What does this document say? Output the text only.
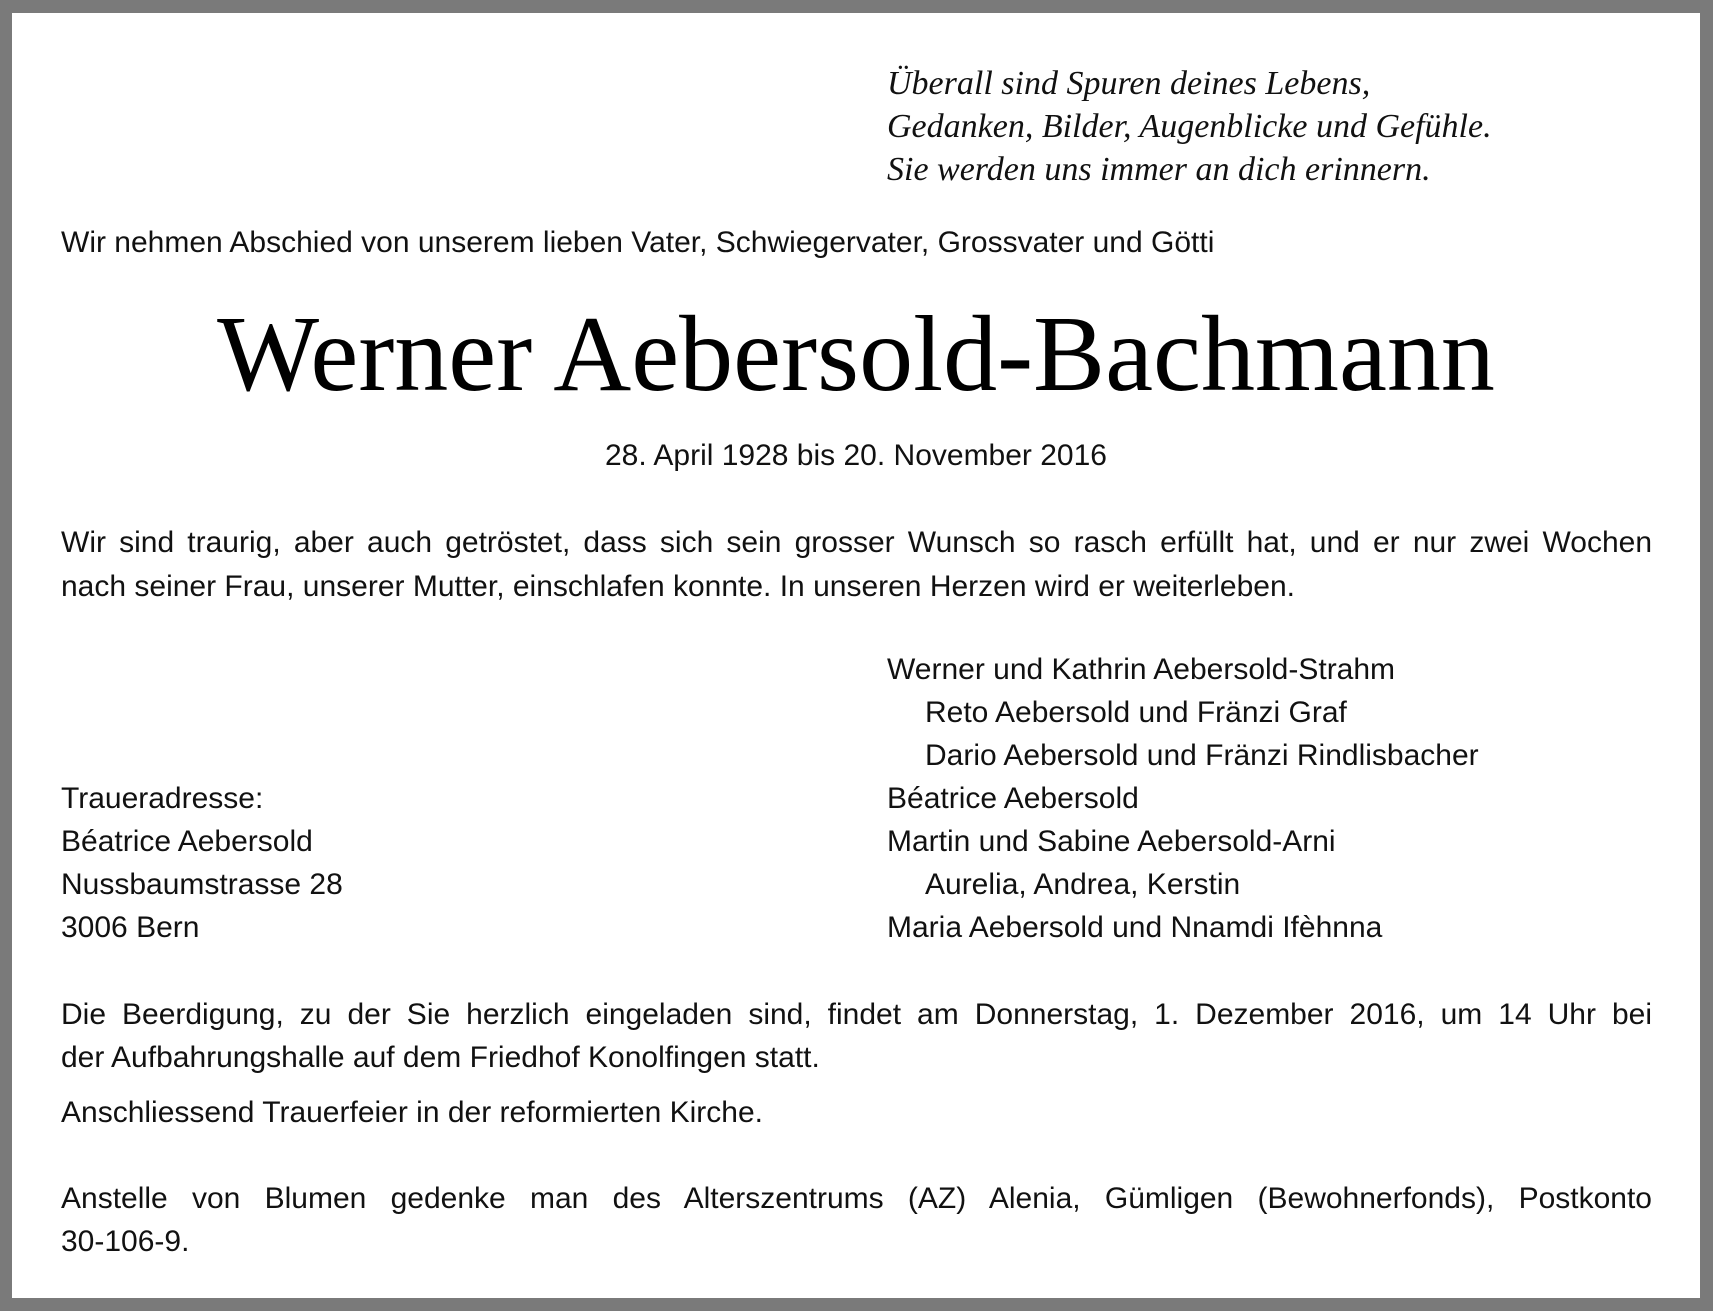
Überall sind Spuren deines Lebens,
Gedanken, Bilder, Augenblicke und Gefühle.
Sie werden uns immer an dich erinnern.
Wir nehmen Abschied von unserem lieben Vater, Schwiegervater, Grossvater und Götti
Werner Aebersold-Bachmann
28. April 1928 bis 20. November 2016
Wir sind traurig, aber auch getröstet, dass sich sein grosser Wunsch so rasch erfüllt hat, und er nur zwei Wochen
nach seiner Frau, unserer Mutter, einschlafen konnte. In unseren Herzen wird er weiterleben.
Werner und Kathrin Aebersold-Strahm
Reto Aebersold und Fränzi Graf
Dario Aebersold und Fränzi Rindlisbacher
Béatrice Aebersold
Martin und Sabine Aebersold-Arni
Aurelia, Andrea, Kerstin
Maria Aebersold und Nnamdi Ifèhnna
Traueradresse:
Béatrice Aebersold
Nussbaumstrasse 28
3006 Bern
Die Beerdigung, zu der Sie herzlich eingeladen sind, findet am Donnerstag, 1. Dezember 2016, um 14 Uhr bei
der Aufbahrungshalle auf dem Friedhof Konolfingen statt.
Anschliessend Trauerfeier in der reformierten Kirche.
Anstelle von Blumen gedenke man des Alterszentrums (AZ) Alenia, Gümligen (Bewohnerfonds), Postkonto
30-106-9.
